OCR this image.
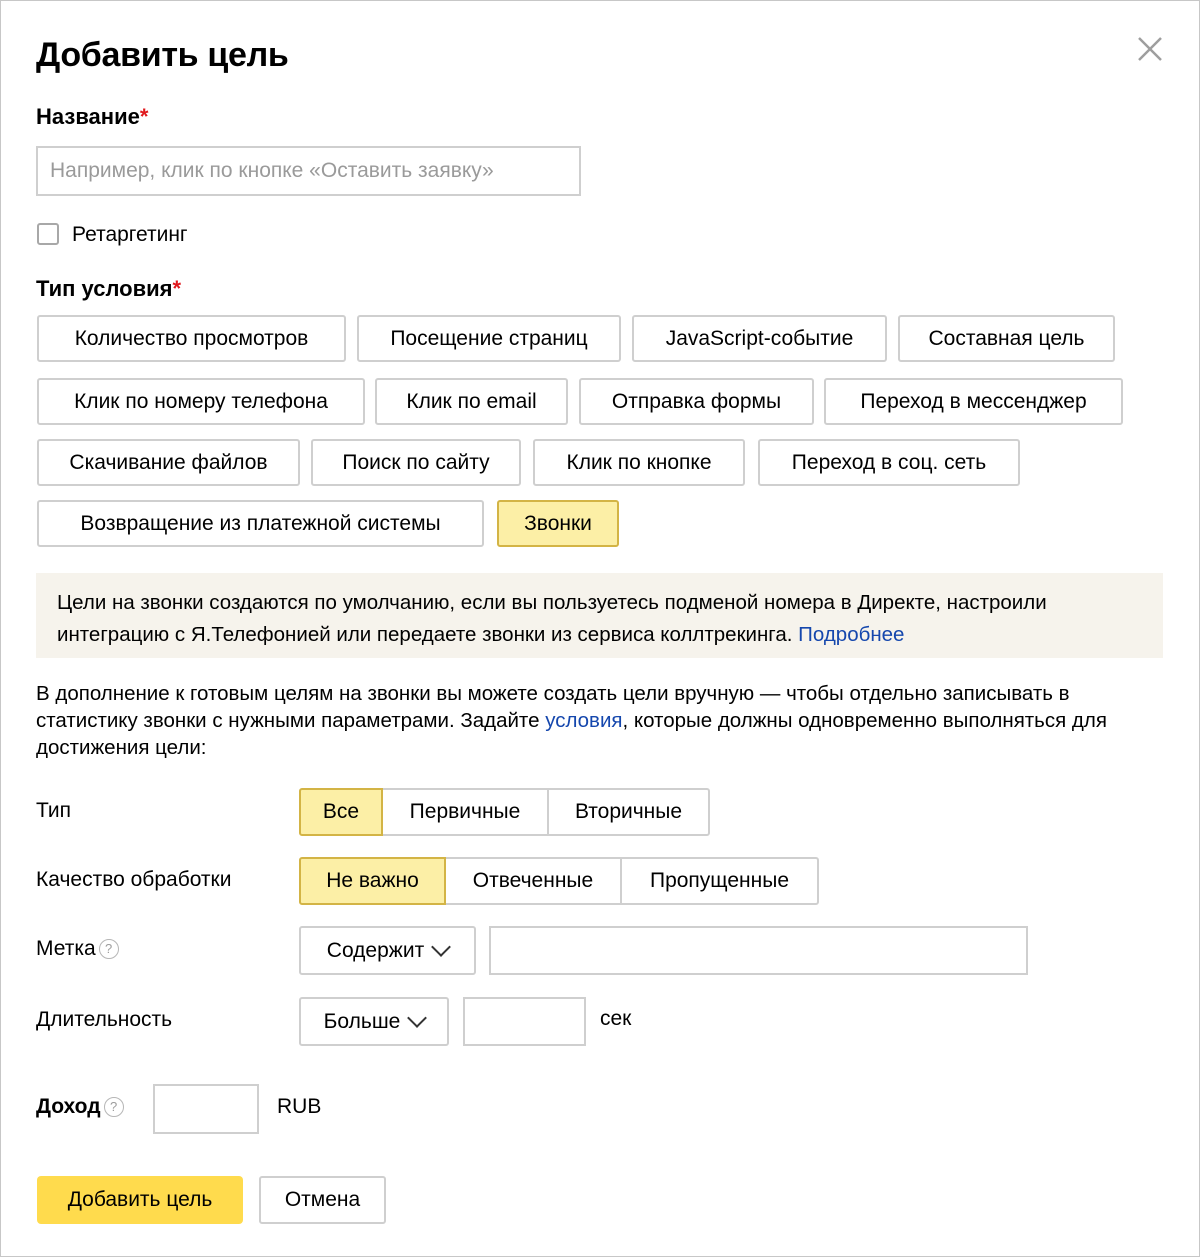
Добавить цель
Название*
Например, клик по кнопке «Оставить заявку»
Ретаргетинг
Тип условия*
Количество просмотров	Посещение страниц	JavaScript-событие	Составная цель
Клик по номеру телефона	Клик по email	Отправка формы	Переход в мессенджер
Скачивание файлов	Поиск по сайту	Клик по кнопке	Переход в соц. сеть
Возвращение из платежной системы	Звонки
Цели на звонки создаются по умолчанию, если вы пользуетесь подменой номера в Директе, настроили интеграцию с Я.Телефонией или передаете звонки из сервиса коллтрекинга. Подробнее
В дополнение к готовым целям на звонки вы можете создать цели вручную — чтобы отдельно записывать в статистику звонки с нужными параметрами. Задайте условия, которые должны одновременно выполняться для достижения цели:
Тип	Все	Первичные	Вторичные
Качество обработки	Не важно	Отвеченные	Пропущенные
Метка ?	Содержит
Длительность	Больше	сек
Доход ?	RUB
Добавить цель	Отмена
